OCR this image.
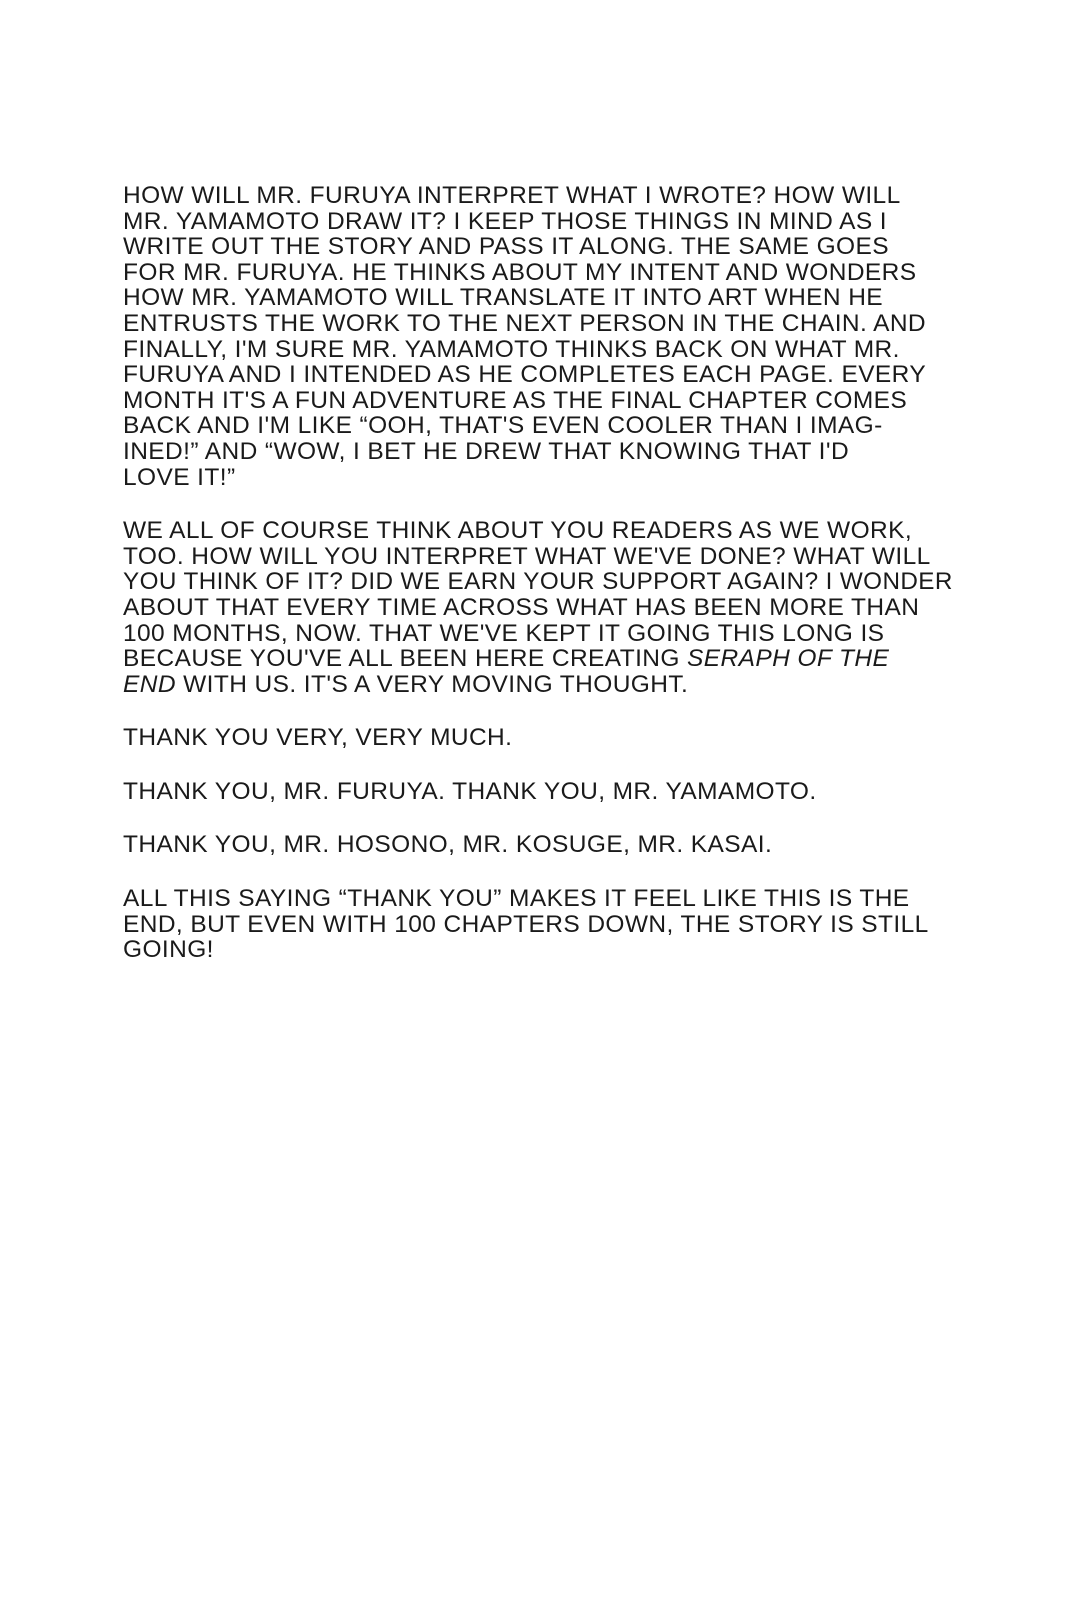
HOW WILL MR. FURUYA INTERPRET WHAT I WROTE? HOW WILL
MR. YAMAMOTO DRAW IT? I KEEP THOSE THINGS IN MIND AS I
WRITE OUT THE STORY AND PASS IT ALONG. THE SAME GOES
FOR MR. FURUYA. HE THINKS ABOUT MY INTENT AND WONDERS
HOW MR. YAMAMOTO WILL TRANSLATE IT INTO ART WHEN HE
ENTRUSTS THE WORK TO THE NEXT PERSON IN THE CHAIN. AND
FINALLY, I'M SURE MR. YAMAMOTO THINKS BACK ON WHAT MR.
FURUYA AND I INTENDED AS HE COMPLETES EACH PAGE. EVERY
MONTH IT'S A FUN ADVENTURE AS THE FINAL CHAPTER COMES
BACK AND I'M LIKE “OOH, THAT'S EVEN COOLER THAN I IMAG-
INED!” AND “WOW, I BET HE DREW THAT KNOWING THAT I'D
LOVE IT!”
WE ALL OF COURSE THINK ABOUT YOU READERS AS WE WORK,
TOO. HOW WILL YOU INTERPRET WHAT WE'VE DONE? WHAT WILL
YOU THINK OF IT? DID WE EARN YOUR SUPPORT AGAIN? I WONDER
ABOUT THAT EVERY TIME ACROSS WHAT HAS BEEN MORE THAN
100 MONTHS, NOW. THAT WE'VE KEPT IT GOING THIS LONG IS
BECAUSE YOU'VE ALL BEEN HERE CREATING SERAPH OF THE
END WITH US. IT'S A VERY MOVING THOUGHT.
THANK YOU VERY, VERY MUCH.
THANK YOU, MR. FURUYA. THANK YOU, MR. YAMAMOTO.
THANK YOU, MR. HOSONO, MR. KOSUGE, MR. KASAI.
ALL THIS SAYING “THANK YOU” MAKES IT FEEL LIKE THIS IS THE
END, BUT EVEN WITH 100 CHAPTERS DOWN, THE STORY IS STILL
GOING!
